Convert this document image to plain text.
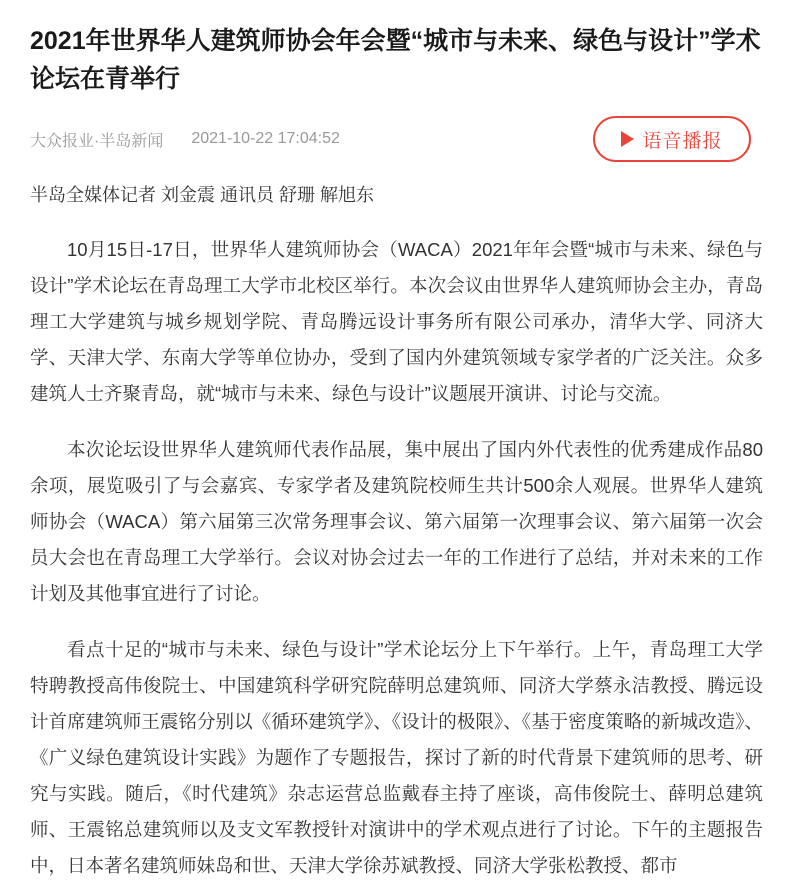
2021年世界华人建筑师协会年会暨“城市与未来、绿色与设计”学术论坛在青举行
大众报业·半岛新闻 2021-10-22 17:04:52	语音播报
半岛全媒体记者 刘金震 通讯员 舒珊 解旭东

10月15日-17日，世界华人建筑师协会（WACA）2021年年会暨“城市与未来、绿色与设计”学术论坛在青岛理工大学市北校区举行。本次会议由世界华人建筑师协会主办，青岛理工大学建筑与城乡规划学院、青岛腾远设计事务所有限公司承办，清华大学、同济大学、天津大学、东南大学等单位协办，受到了国内外建筑领域专家学者的广泛关注。众多建筑人士齐聚青岛，就“城市与未来、绿色与设计”议题展开演讲、讨论与交流。

本次论坛设世界华人建筑师代表作品展，集中展出了国内外代表性的优秀建成作品80余项，展览吸引了与会嘉宾、专家学者及建筑院校师生共计500余人观展。世界华人建筑师协会（WACA）第六届第三次常务理事会议、第六届第一次理事会议、第六届第一次会员大会也在青岛理工大学举行。会议对协会过去一年的工作进行了总结，并对未来的工作计划及其他事宜进行了讨论。

看点十足的“城市与未来、绿色与设计”学术论坛分上下午举行。上午，青岛理工大学特聘教授高伟俊院士、中国建筑科学研究院薛明总建筑师、同济大学蔡永洁教授、腾远设计首席建筑师王震铭分别以《循环建筑学》、《设计的极限》、《基于密度策略的新城改造》、《广义绿色建筑设计实践》为题作了专题报告，探讨了新的时代背景下建筑师的思考、研究与实践。随后，《时代建筑》杂志运营总监戴春主持了座谈，高伟俊院士、薛明总建筑师、王震铭总建筑师以及支文军教授针对演讲中的学术观点进行了讨论。下午的主题报告中，日本著名建筑师妹岛和世、天津大学徐苏斌教授、同济大学张松教授、都市
